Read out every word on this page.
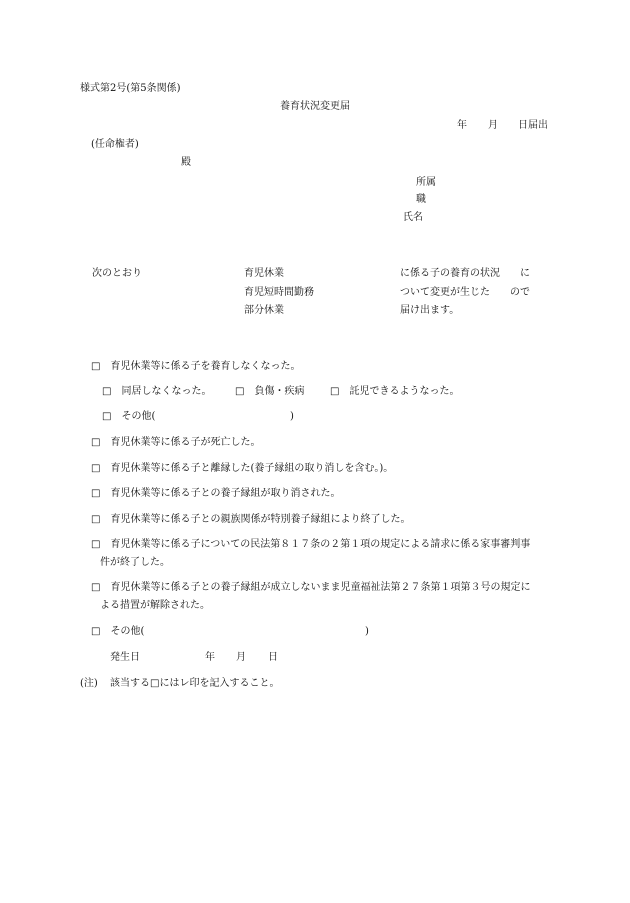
様式第2号(第5条関係)
養育状況変更届
年 月 日届出
(任命権者)
殿
所属
職
氏名
次のとおり	育児休業
育児短時間勤務
部分休業
に係る子の養育の状況　　に
ついて変更が生じた　　ので
届け出ます。
□ 育児休業等に係る子を養育しなくなった。
□ 同居しなくなった。 □ 負傷・疾病	□ 託児できるようなった。
□ その他(	)
□ 育児休業等に係る子が死亡した。
□ 育児休業等に係る子と離縁した(養子縁組の取り消しを含む。)。
□ 育児休業等に係る子との養子縁組が取り消された。
□ 育児休業等に係る子との親族関係が特別養子縁組により終了した。
□ 育児休業等に係る子についての民法第８１７条の２第１項の規定による請求に係る家事審判事
件が終了した。
□ 育児休業等に係る子との養子縁組が成立しないまま児童福祉法第２７条第１項第３号の規定に
よる措置が解除された。
□ その他(	)
発生日	年 月 日
(注) 該当する□にはレ印を記入すること。
